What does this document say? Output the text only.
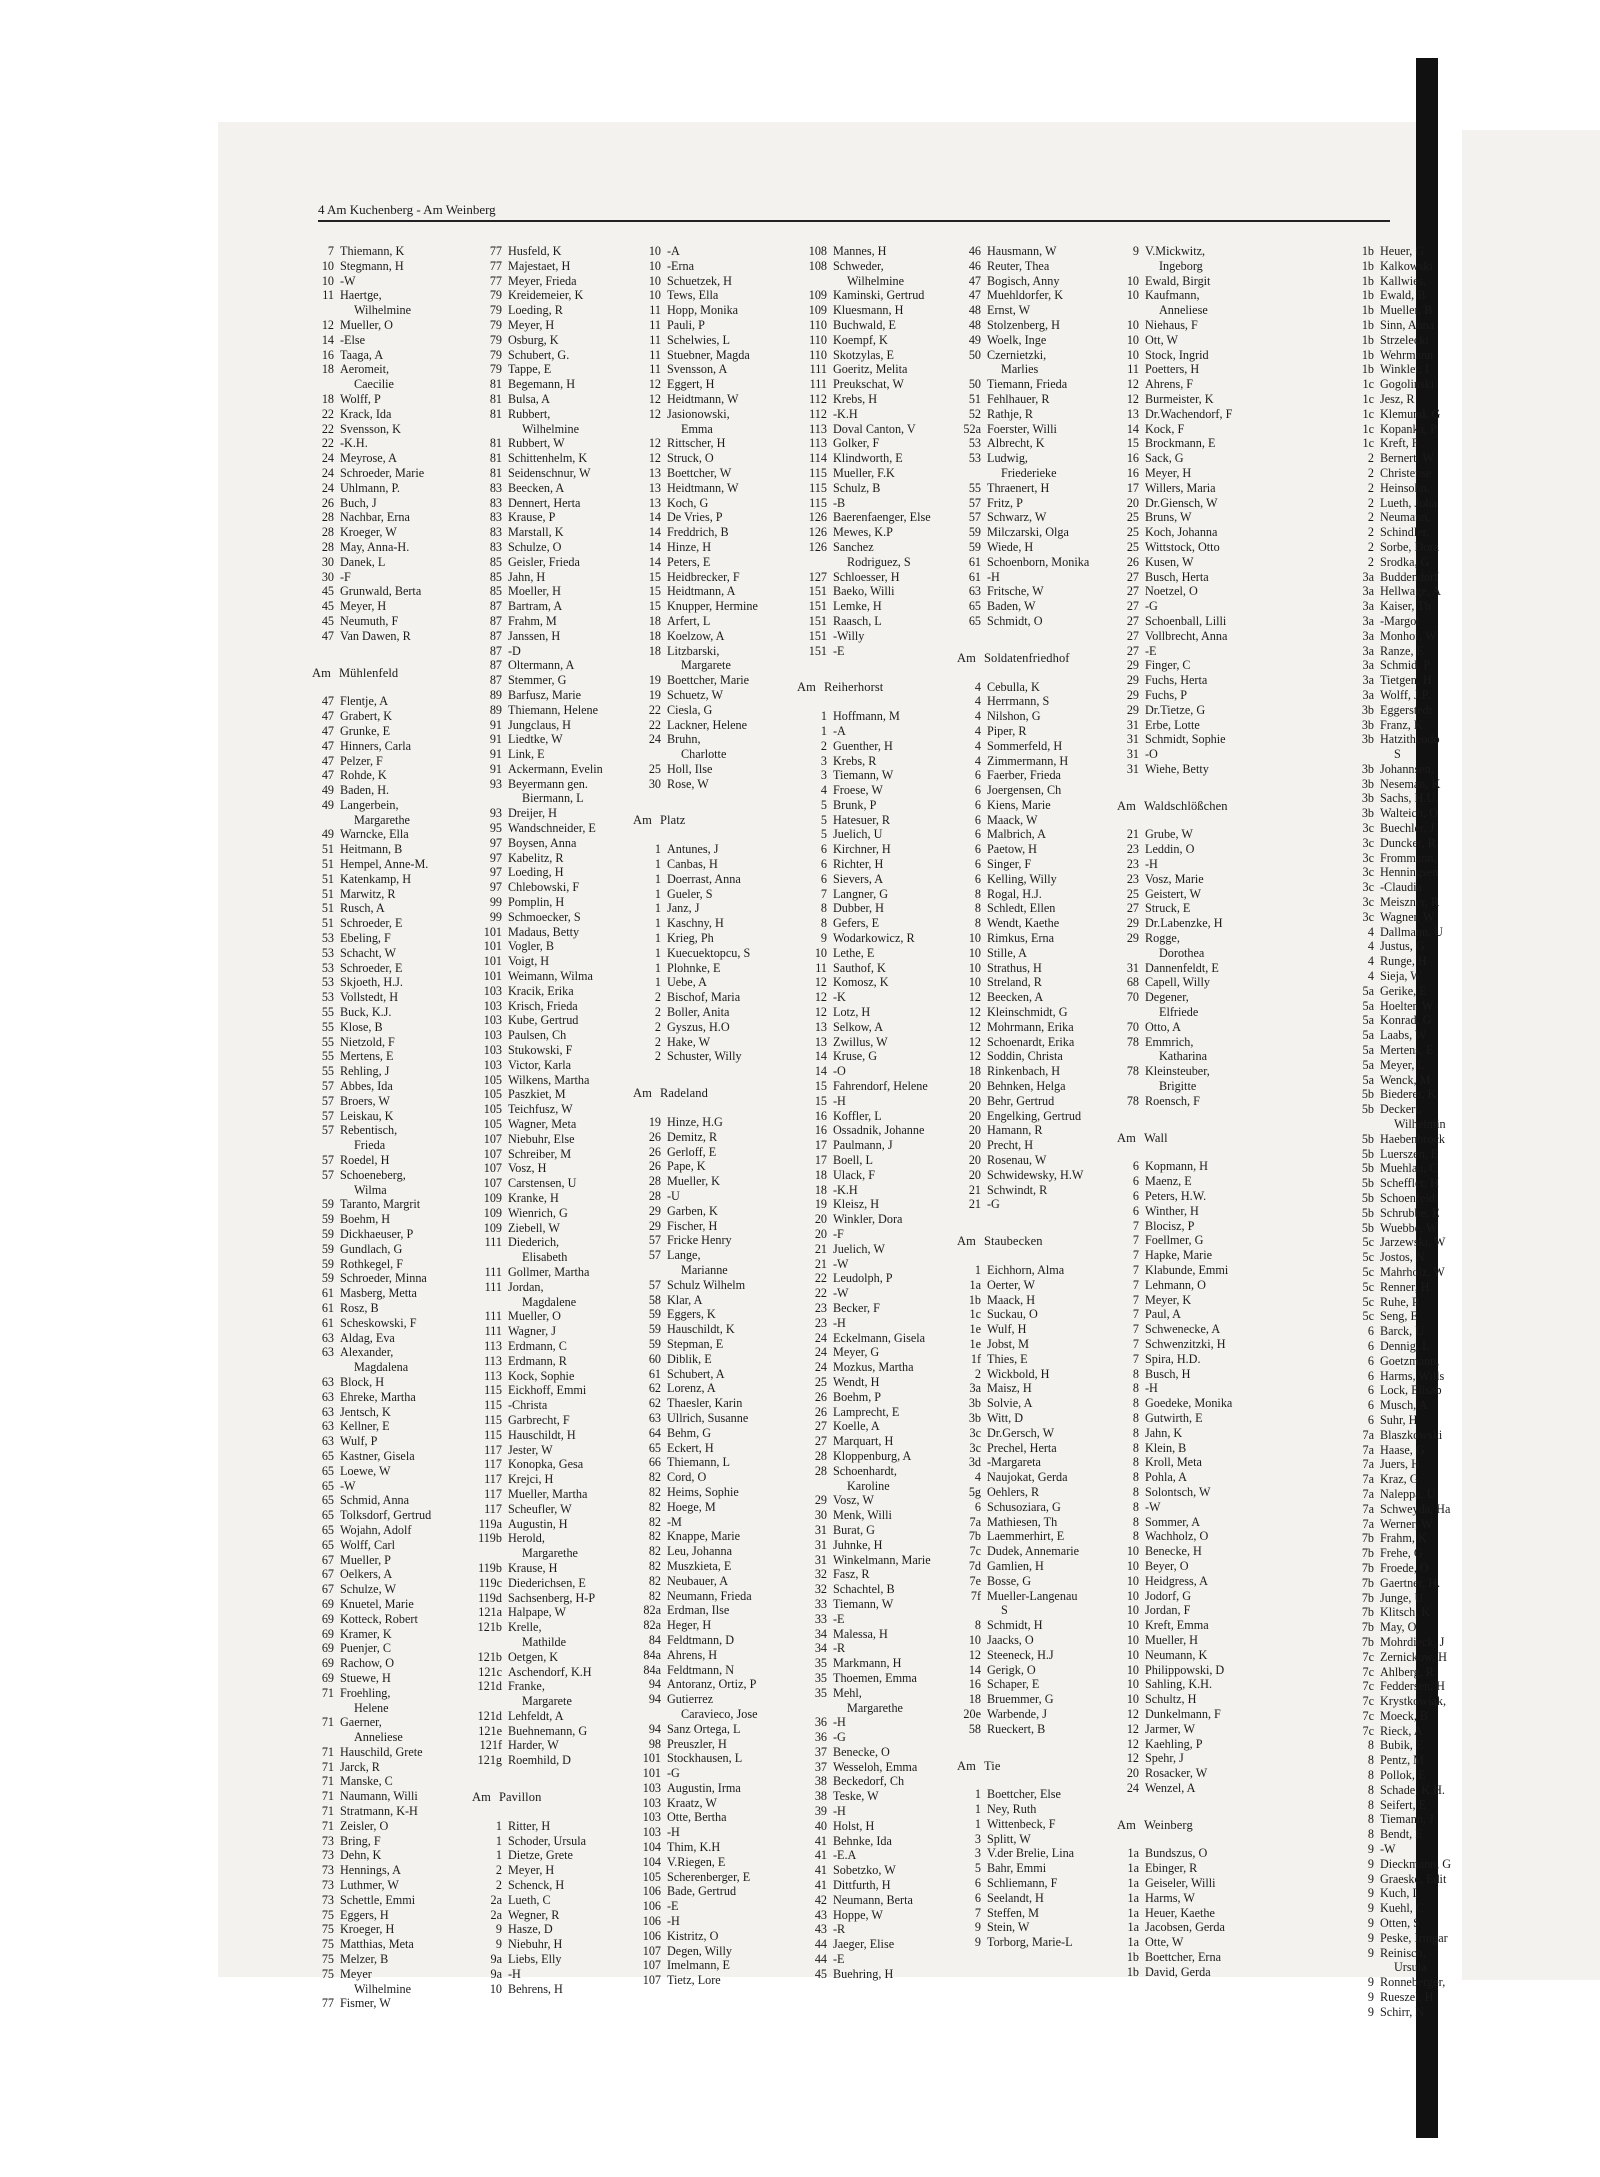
4 Am Kuchenberg - Am Weinberg
7 Thiemann, K
10 Stegmann, H
10 -W
11 Haertge,
Wilhelmine
12 Mueller, O
14 -Else
16 Taaga, A
18 Aeromeit,
Caecilie
18 Wolff, P
22 Krack, Ida
22 Svensson, K
22 -K.H.
24 Meyrose, A
24 Schroeder, Marie
24 Uhlmann, P.
26 Buch, J
28 Nachbar, Erna
28 Kroeger, W
28 May, Anna-H.
30 Danek, L
30 -F
45 Grunwald, Berta
45 Meyer, H
45 Neumuth, F
47 Van Dawen, R
Am Mühlenfeld
47 Flentje, A
47 Grabert, K
47 Grunke, E
47 Hinners, Carla
47 Pelzer, F
47 Rohde, K
49 Baden, H.
49 Langerbein,
Margarethe
49 Warncke, Ella
51 Heitmann, B
51 Hempel, Anne-M.
51 Katenkamp, H
51 Marwitz, R
51 Rusch, A
51 Schroeder, E
53 Ebeling, F
53 Schacht, W
53 Schroeder, E
53 Skjoeth, H.J.
53 Vollstedt, H
55 Buck, K.J.
55 Klose, B
55 Nietzold, F
55 Mertens, E
55 Rehling, J
57 Abbes, Ida
57 Broers, W
57 Leiskau, K
57 Rebentisch,
Frieda
57 Roedel, H
57 Schoeneberg,
Wilma
59 Taranto, Margrit
59 Boehm, H
59 Dickhaeuser, P
59 Gundlach, G
59 Rothkegel, F
59 Schroeder, Minna
61 Masberg, Metta
61 Rosz, B
61 Scheskowski, F
63 Aldag, Eva
63 Alexander,
Magdalena
63 Block, H
63 Ehreke, Martha
63 Jentsch, K
63 Kellner, E
63 Wulf, P
65 Kastner, Gisela
65 Loewe, W
65 -W
65 Schmid, Anna
65 Tolksdorf, Gertrud
65 Wojahn, Adolf
65 Wolff, Carl
67 Mueller, P
67 Oelkers, A
67 Schulze, W
69 Knuetel, Marie
69 Kotteck, Robert
69 Kramer, K
69 Puenjer, C
69 Rachow, O
69 Stuewe, H
71 Froehling,
Helene
71 Gaerner,
Anneliese
71 Hauschild, Grete
71 Jarck, R
71 Manske, C
71 Naumann, Willi
71 Stratmann, K-H
71 Zeisler, O
73 Bring, F
73 Dehn, K
73 Hennings, A
73 Luthmer, W
73 Schettle, Emmi
75 Eggers, H
75 Kroeger, H
75 Matthias, Meta
75 Melzer, B
75 Meyer
Wilhelmine
77 Fismer, W
77 Husfeld, K
77 Majestaet, H
77 Meyer, Frieda
79 Kreidemeier, K
79 Loeding, R
79 Meyer, H
79 Osburg, K
79 Schubert, G.
79 Tappe, E
81 Begemann, H
81 Bulsa, A
81 Rubbert,
Wilhelmine
81 Rubbert, W
81 Schittenhelm, K
81 Seidenschnur, W
83 Beecken, A
83 Dennert, Herta
83 Krause, P
83 Marstall, K
83 Schulze, O
85 Geisler, Frieda
85 Jahn, H
85 Moeller, H
87 Bartram, A
87 Frahm, M
87 Janssen, H
87 -D
87 Oltermann, A
87 Stemmer, G
89 Barfusz, Marie
89 Thiemann, Helene
91 Jungclaus, H
91 Liedtke, W
91 Link, E
91 Ackermann, Evelin
93 Beyermann gen.
Biermann, L
93 Dreijer, H
95 Wandschneider, E
97 Boysen, Anna
97 Kabelitz, R
97 Loeding, H
97 Chlebowski, F
99 Pomplin, H
99 Schmoecker, S
101 Madaus, Betty
101 Vogler, B
101 Voigt, H
101 Weimann, Wilma
103 Kracik, Erika
103 Krisch, Frieda
103 Kube, Gertrud
103 Paulsen, Ch
103 Stukowski, F
103 Victor, Karla
105 Wilkens, Martha
105 Paszkiet, M
105 Teichfusz, W
105 Wagner, Meta
107 Niebuhr, Else
107 Schreiber, M
107 Vosz, H
107 Carstensen, U
109 Kranke, H
109 Wienrich, G
109 Ziebell, W
111 Diederich,
Elisabeth
111 Gollmer, Martha
111 Jordan,
Magdalene
111 Mueller, O
111 Wagner, J
113 Erdmann, C
113 Erdmann, R
113 Kock, Sophie
115 Eickhoff, Emmi
115 -Christa
115 Garbrecht, F
115 Hauschildt, H
117 Jester, W
117 Konopka, Gesa
117 Krejci, H
117 Mueller, Martha
117 Scheufler, W
119a Augustin, H
119b Herold,
Margarethe
119b Krause, H
119c Diederichsen, E
119d Sachsenberg, H-P
121a Halpape, W
121b Krelle,
Mathilde
121b Oetgen, K
121c Aschendorf, K.H
121d Franke,
Margarete
121d Lehfeldt, A
121e Buehnemann, G
121f Harder, W
121g Roemhild, D
Am Pavillon
1 Ritter, H
1 Schoder, Ursula
1 Dietze, Grete
2 Meyer, H
2 Schenck, H
2a Lueth, C
2a Wegner, R
9 Hasze, D
9 Niebuhr, H
9a Liebs, Elly
9a -H
10 Behrens, H
10 -A
10 -Erna
10 Schuetzek, H
10 Tews, Ella
11 Hopp, Monika
11 Pauli, P
11 Schelwies, L
11 Stuebner, Magda
11 Svensson, A
12 Eggert, H
12 Heidtmann, W
12 Jasionowski,
Emma
12 Rittscher, H
12 Struck, O
13 Boettcher, W
13 Heidtmann, W
13 Koch, G
14 De Vries, P
14 Freddrich, B
14 Hinze, H
14 Peters, E
15 Heidbrecker, F
15 Heidtmann, A
15 Knupper, Hermine
18 Arfert, L
18 Koelzow, A
18 Litzbarski,
Margarete
19 Boettcher, Marie
19 Schuetz, W
22 Ciesla, G
22 Lackner, Helene
24 Bruhn,
Charlotte
25 Holl, Ilse
30 Rose, W
Am Platz
1 Antunes, J
1 Canbas, H
1 Doerrast, Anna
1 Gueler, S
1 Janz, J
1 Kaschny, H
1 Krieg, Ph
1 Kuecuektopcu, S
1 Plohnke, E
1 Uebe, A
2 Bischof, Maria
2 Boller, Anita
2 Gyszus, H.O
2 Hake, W
2 Schuster, Willy
Am Radeland
19 Hinze, H.G
26 Demitz, R
26 Gerloff, E
26 Pape, K
28 Mueller, K
28 -U
29 Garben, K
29 Fischer, H
57 Fricke Henry
57 Lange,
Marianne
57 Schulz Wilhelm
58 Klar, A
59 Eggers, K
59 Hauschildt, K
59 Stepman, E
60 Diblik, E
61 Schubert, A
62 Lorenz, A
62 Thaesler, Karin
63 Ullrich, Susanne
64 Behm, G
65 Eckert, H
66 Thiemann, L
82 Cord, O
82 Heims, Sophie
82 Hoege, M
82 -M
82 Knappe, Marie
82 Leu, Johanna
82 Muszkieta, E
82 Neubauer, A
82 Neumann, Frieda
82a Erdman, Ilse
82a Heger, H
84 Feldtmann, D
84a Ahrens, H
84a Feldtmann, N
94 Antoranz, Ortiz, P
94 Gutierrez
Caravieco, Jose
94 Sanz Ortega, L
98 Preuszler, H
101 Stockhausen, L
101 -G
103 Augustin, Irma
103 Kraatz, W
103 Otte, Bertha
103 -H
104 Thim, K.H
104 V.Riegen, E
105 Scherenberger, E
106 Bade, Gertrud
106 -E
106 -H
106 Kistritz, O
107 Degen, Willy
107 Imelmann, E
107 Tietz, Lore
108 Mannes, H
108 Schweder,
Wilhelmine
109 Kaminski, Gertrud
109 Kluesmann, H
110 Buchwald, E
110 Koempf, K
110 Skotzylas, E
111 Goeritz, Melita
111 Preukschat, W
112 Krebs, H
112 -K.H
113 Doval Canton, V
113 Golker, F
114 Klindworth, E
115 Mueller, F.K
115 Schulz, B
115 -B
126 Baerenfaenger, Else
126 Mewes, K.P
126 Sanchez
Rodriguez, S
127 Schloesser, H
151 Baeko, Willi
151 Lemke, H
151 Raasch, L
151 -Willy
151 -E
Am Reiherhorst
1 Hoffmann, M
1 -A
2 Guenther, H
3 Krebs, R
3 Tiemann, W
4 Froese, W
5 Brunk, P
5 Hatesuer, R
5 Juelich, U
6 Kirchner, H
6 Richter, H
6 Sievers, A
7 Langner, G
8 Dubber, H
8 Gefers, E
9 Wodarkowicz, R
10 Lethe, E
11 Sauthof, K
12 Komosz, K
12 -K
12 Lotz, H
13 Selkow, A
13 Zwillus, W
14 Kruse, G
14 -O
15 Fahrendorf, Helene
15 -H
16 Koffler, L
16 Ossadnik, Johanne
17 Paulmann, J
17 Boell, L
18 Ulack, F
18 -K.H
19 Kleisz, H
20 Winkler, Dora
20 -F
21 Juelich, W
21 -W
22 Leudolph, P
22 -W
23 Becker, F
23 -H
24 Eckelmann, Gisela
24 Meyer, G
24 Mozkus, Martha
25 Wendt, H
26 Boehm, P
26 Lamprecht, E
27 Koelle, A
27 Marquart, H
28 Kloppenburg, A
28 Schoenhardt,
Karoline
29 Vosz, W
30 Menk, Willi
31 Burat, G
31 Juhnke, H
31 Winkelmann, Marie
32 Fasz, R
32 Schachtel, B
33 Tiemann, W
33 -E
34 Malessa, H
34 -R
35 Markmann, H
35 Thoemen, Emma
35 Mehl,
Margarethe
36 -H
36 -G
37 Benecke, O
37 Wesseloh, Emma
38 Beckedorf, Ch
38 Teske, W
39 -H
40 Holst, H
41 Behnke, Ida
41 -E.A
41 Sobetzko, W
41 Dittfurth, H
42 Neumann, Berta
43 Hoppe, W
43 -R
44 Jaeger, Elise
44 -E
45 Buehring, H
46 Hausmann, W
46 Reuter, Thea
47 Bogisch, Anny
47 Muehldorfer, K
48 Ernst, W
48 Stolzenberg, H
49 Woelk, Inge
50 Czernietzki,
Marlies
50 Tiemann, Frieda
51 Fehlhauer, R
52 Rathje, R
52a Foerster, Willi
53 Albrecht, K
53 Ludwig,
Friederieke
55 Thraenert, H
57 Fritz, P
57 Schwarz, W
59 Milczarski, Olga
59 Wiede, H
61 Schoenborn, Monika
61 -H
63 Fritsche, W
65 Baden, W
65 Schmidt, O
Am Soldatenfriedhof
4 Cebulla, K
4 Herrmann, S
4 Nilshon, G
4 Piper, R
4 Sommerfeld, H
4 Zimmermann, H
6 Faerber, Frieda
6 Joergensen, Ch
6 Kiens, Marie
6 Maack, W
6 Malbrich, A
6 Paetow, H
6 Singer, F
6 Kelling, Willy
8 Rogal, H.J.
8 Schledt, Ellen
8 Wendt, Kaethe
10 Rimkus, Erna
10 Stille, A
10 Strathus, H
10 Streland, R
12 Beecken, A
12 Kleinschmidt, G
12 Mohrmann, Erika
12 Schoenardt, Erika
12 Soddin, Christa
18 Rinkenbach, H
20 Behnken, Helga
20 Behr, Gertrud
20 Engelking, Gertrud
20 Hamann, R
20 Precht, H
20 Rosenau, W
20 Schwidewsky, H.W
21 Schwindt, R
21 -G
Am Staubecken
1 Eichhorn, Alma
1a Oerter, W
1b Maack, H
1c Suckau, O
1e Wulf, H
1e Jobst, M
1f Thies, E
2 Wickbold, H
3a Maisz, H
3b Solvie, A
3b Witt, D
3c Dr.Gersch, W
3c Prechel, Herta
3d -Margareta
4 Naujokat, Gerda
5g Oehlers, R
6 Schusoziara, G
7a Mathiesen, Th
7b Laemmerhirt, E
7c Dudek, Annemarie
7d Gamlien, H
7e Bosse, G
7f Mueller-Langenau
S
8 Schmidt, H
10 Jaacks, O
12 Steeneck, H.J
14 Gerigk, O
16 Schaper, E
18 Bruemmer, G
20e Warbende, J
58 Rueckert, B
Am Tie
1 Boettcher, Else
1 Ney, Ruth
1 Wittenbeck, F
3 Splitt, W
3 V.der Brelie, Lina
5 Bahr, Emmi
6 Schliemann, F
6 Seelandt, H
7 Steffen, M
9 Stein, W
9 Torborg, Marie-L
9 V.Mickwitz,
Ingeborg
10 Ewald, Birgit
10 Kaufmann,
Anneliese
10 Niehaus, F
10 Ott, W
10 Stock, Ingrid
11 Poetters, H
12 Ahrens, F
12 Burmeister, K
13 Dr.Wachendorf, F
14 Kock, F
15 Brockmann, E
16 Sack, G
16 Meyer, H
17 Willers, Maria
20 Dr.Giensch, W
25 Bruns, W
25 Koch, Johanna
25 Wittstock, Otto
26 Kusen, W
27 Busch, Herta
27 Noetzel, O
27 -G
27 Schoenball, Lilli
27 Vollbrecht, Anna
27 -E
29 Finger, C
29 Fuchs, Herta
29 Fuchs, P
29 Dr.Tietze, G
31 Erbe, Lotte
31 Schmidt, Sophie
31 -O
31 Wiehe, Betty
Am Waldschlößchen
21 Grube, W
23 Leddin, O
23 -H
23 Vosz, Marie
25 Geistert, W
27 Struck, E
29 Dr.Labenzke, H
29 Rogge,
Dorothea
31 Dannenfeldt, E
68 Capell, Willy
70 Degener,
Elfriede
70 Otto, A
78 Emmrich,
Katharina
78 Kleinsteuber,
Brigitte
78 Roensch, F
Am Wall
6 Kopmann, H
6 Maenz, E
6 Peters, H.W.
6 Winther, H
7 Blocisz, P
7 Foellmer, G
7 Hapke, Marie
7 Klabunde, Emmi
7 Lehmann, O
7 Meyer, K
7 Paul, A
7 Schwenecke, A
7 Schwenzitzki, H
7 Spira, H.D.
8 Busch, H
8 -H
8 Goedeke, Monika
8 Gutwirth, E
8 Jahn, K
8 Klein, B
8 Kroll, Meta
8 Pohla, A
8 Solontsch, W
8 -W
8 Sommer, A
8 Wachholz, O
10 Benecke, H
10 Beyer, O
10 Heidgress, A
10 Jodorf, G
10 Jordan, F
10 Kreft, Emma
10 Mueller, H
10 Neumann, K
10 Philippowski, D
10 Sahling, K.H.
10 Schultz, H
12 Dunkelmann, F
12 Jarmer, W
12 Kaehling, P
12 Spehr, J
20 Rosacker, W
24 Wenzel, A
Am Weinberg
1a Bundszus, O
1a Ebinger, R
1a Geiseler, Willi
1a Harms, W
1a Heuer, Kaethe
1a Jacobsen, Gerda
1a Otte, W
1b Boettcher, Erna
1b David, Gerda
1b Heuer, G
1b Kalkowski
1b Kallwies,
1b Ewald, B
1b Mueller, B
1b Sinn, Anna
1b Strzelecki
1b Wehrmann
1b Winkler, I
1c Gogolinski
1c Jesz, R
1c Klemund, G
1c Kopanka, P
1c Kreft, F
2 Bernert, W
2 Christense
2 Heinsohn,
2 Lueth, Joha
2 Neumann,
2 Schindler,
2 Sorbe, Dora
2 Srodka, G
3a Buddendorf
3a Hellwage, A
3a Kaiser, Th
3a -Margot
3a Monhof, W
3a Ranze, E
3a Schmid, P
3a Tietgen, H
3a Wolff, J.P.
3b Eggerstedt
3b Franz, K
3b Hatzitheodo
S
3b Johannsen,
3b Neseman, K
3b Sachs, H.U.
3b Walteich, O
3c Buechler, J
3c Duncker, R
3c Frommann,
3c Henningsen
3c -Claudia
3c Meiszner, R
3c Wagner, W
4 Dallmann, U
4 Justus, G
4 Runge, H
4 Sieja, W
5a Gerike, E
5a Hoelter, W
5a Konrad, G
5a Laabs, W
5a Mertens, E
5a Meyer, L
5a Wenck, M
5b Biederer, K
5b Deckert,
Wilhelmin
5b Haebenbrock
5b Luerszen, E
5b Muehlau, C
5b Scheffler, H
5b Schoenfeld,
5b Schrubbe, E
5b Wuebbe, W
5c Jarzewski, W
5c Jostos, N
5c Mahrholz, W
5c Renner, H
5c Ruhe, R
5c Seng, E
6 Barck, U
6 Dennig, L
6 Goetzmann,
6 Harms, Wills
6 Lock, Elisab
6 Musch, A
6 Suhr, H
7a Blaszkowski
7a Haase, G
7a Juers, H
7a Kraz, G
7a Naleppa, U
7a Schweyda, Ha
7a Werner, W
7b Frahm, K
7b Frehe, G
7b Froede, O
7b Gaertner, H.
7b Junge, U
7b Klitsch, K
7b May, O
7b Mohrdieck, J
7c Zernickow, H
7c Ahlberg, R
7c Feddersen, H
7c Krystkowiak,
7c Moeck, B
7c Rieck, A
8 Bubik, E
8 Pentz, M
8 Pollok, E
8 Schade, K.H.
8 Seifert, E
8 Tiemann, J
8 Bendt, E
9 -W
9 Dieckmann, G
9 Graeske, Edit
9 Kuch, L
9 Kuehl, C
9 Otten, S
9 Peske, Irmgar
9 Reinisch,
Ursula
9 Ronneberger,
9 Rueszel, H
9 Schirr, N
